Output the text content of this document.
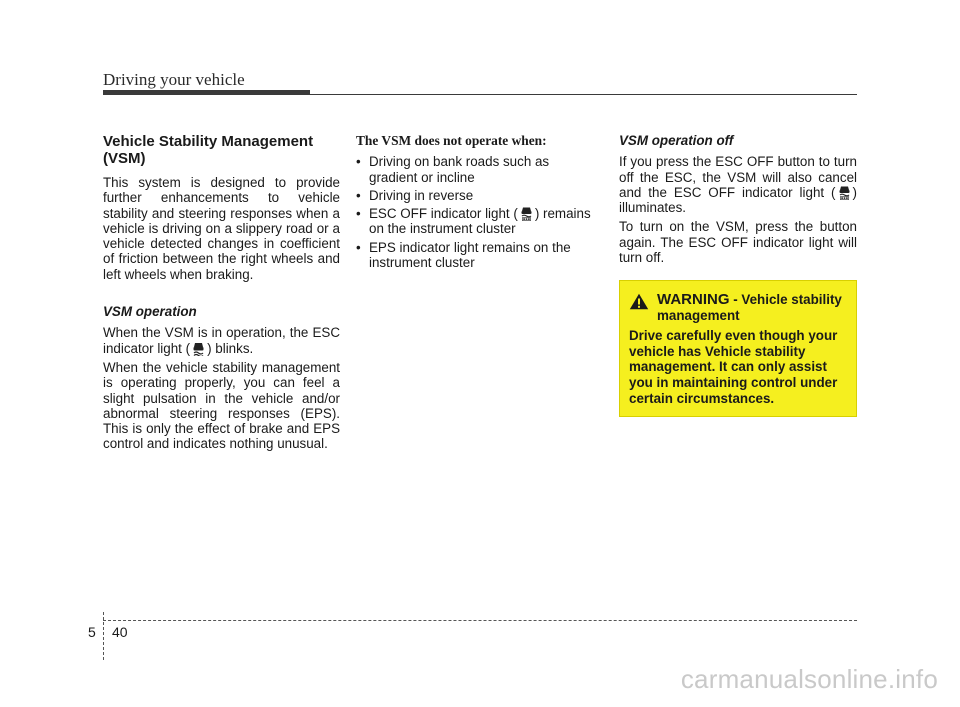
Driving your vehicle
Vehicle Stability Management (VSM)

This system is designed to provide further enhancements to vehicle stability and steering responses when a vehicle is driving on a slippery road or a vehicle detected changes in coefficient of friction between the right wheels and left wheels when braking.

VSM operation

When the VSM is in operation, the ESC indicator light ( ) blinks.

When the vehicle stability management is operating properly, you can feel a slight pulsation in the vehicle and/or abnormal steering responses (EPS). This is only the effect of brake and EPS control and indicates nothing unusual.

The VSM does not operate when:
• Driving on bank roads such as gradient or incline
• Driving in reverse
• ESC OFF indicator light ( ) remains on the instrument cluster
• EPS indicator light remains on the instrument cluster
VSM operation off

If you press the ESC OFF button to turn off the ESC, the VSM will also cancel and the ESC OFF indicator light ( ) illuminates.

To turn on the VSM, press the button again. The ESC OFF indicator light will turn off.

WARNING - Vehicle stability management
Drive carefully even though your vehicle has Vehicle stability management. It can only assist you in maintaining control under certain circumstances.
5 40
carmanualsonline.info
